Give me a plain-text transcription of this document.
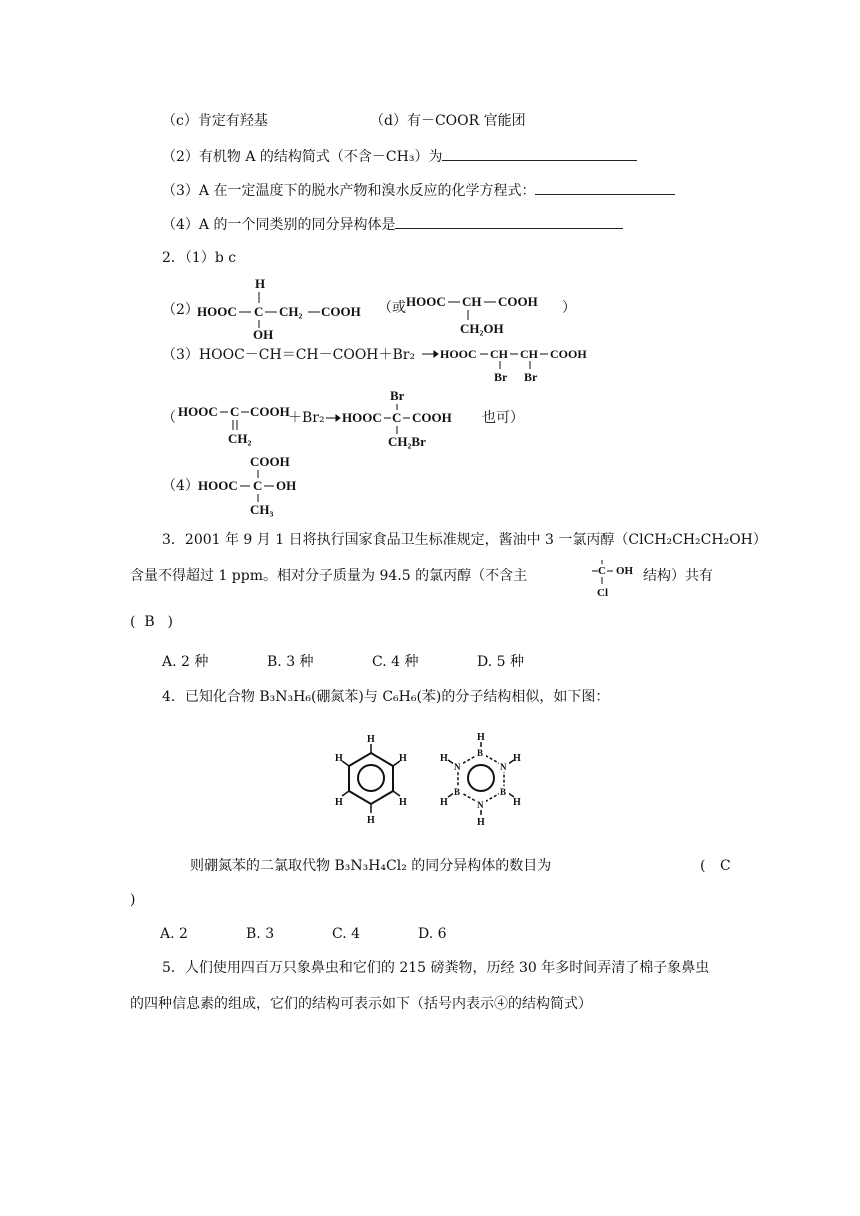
（c）肯定有羟基	（d）有－COOR 官能团
（2）有机物 A 的结构简式（不含－CH₃）为
（3）A 在一定温度下的脱水产物和溴水反应的化学方程式：
（4）A 的一个同类别的同分异构体是
2．（1）b c
（2）
H
HOOC C CH₂ COOH
OH
（或 HOOC CH COOH
CH₂OH
）
（3）HOOC－CH＝CH－COOH＋Br₂ HOOC CH CH COOH
Br Br
（ HOOC C COOH
CH₂
＋Br₂
Br
HOOC C COOH
CH₂Br
也可）
（4）
COOH
HOOC C OH
CH₃
3．2001 年 9 月 1 日将执行国家食品卫生标准规定，酱油中 3 一氯丙醇（ClCH₂CH₂CH₂OH）
含量不得超过 1 ppm。相对分子质量为 94.5 的氯丙醇（不含主	C OH
Cl
结构）共有
( B )
A. 2 种	B. 3 种	C. 4 种	D. 5 种
4．已知化合物 B₃N₃H₆(硼氮苯)与 C₆H₆(苯)的分子结构相似，如下图：
H
H
H
H
H
H	B
N
B
N
B
N
H
H
H
H
H
H
则硼氮苯的二氯取代物 B₃N₃H₄Cl₂ 的同分异构体的数目为	( C
)
A. 2	B. 3	C. 4	D. 6
5．人们使用四百万只象鼻虫和它们的 215 磅粪物，历经 30 年多时间弄清了棉子象鼻虫
的四种信息素的组成，它们的结构可表示如下（括号内表示④的结构简式）
